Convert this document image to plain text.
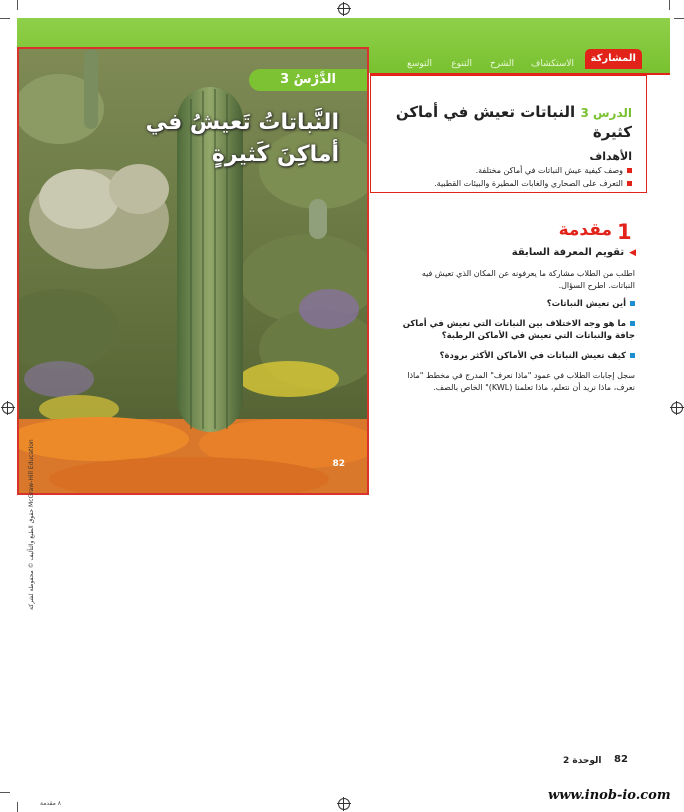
الدَّرْسُ 3
النَّباتاتُ تَعيشُ في أماكِنَ كَثيرةٍ
82
المشاركة
الاستكشاف
الشرح
التنوع
التوسع
الدرس 3 النباتات تعيش في أماكن كثيرة
الأهداف
وصف كيفية عيش النباتات في أماكن مختلفة.
التعرف على الصحاري والغابات المطيرة والبيئات القطبية.
1
مقدمة
◀تقويم المعرفة السابقة
اطلب من الطلاب مشاركة ما يعرفونه عن المكان الذي تعيش فيه النباتات. اطرح السؤال.
أين تعيش النباتات؟
ما هو وجه الاختلاف بين النباتات التي تعيش في أماكن جافة والنباتات التي تعيش في الأماكن الرطبة؟
كيف تعيش النباتات في الأماكن الأكثر برودة؟
سجل إجابات الطلاب في عمود "ماذا نعرف" المدرج في مخطط "ماذا نعرف، ماذا نريد أن نتعلم، ماذا تعلمنا (KWL)" الخاص بالصف.
حقوق الطبع والتأليف © محفوظة لشركة McGraw-Hill Education
الوحدة 2 82
٨ مقدمة
www.inob-io.com
